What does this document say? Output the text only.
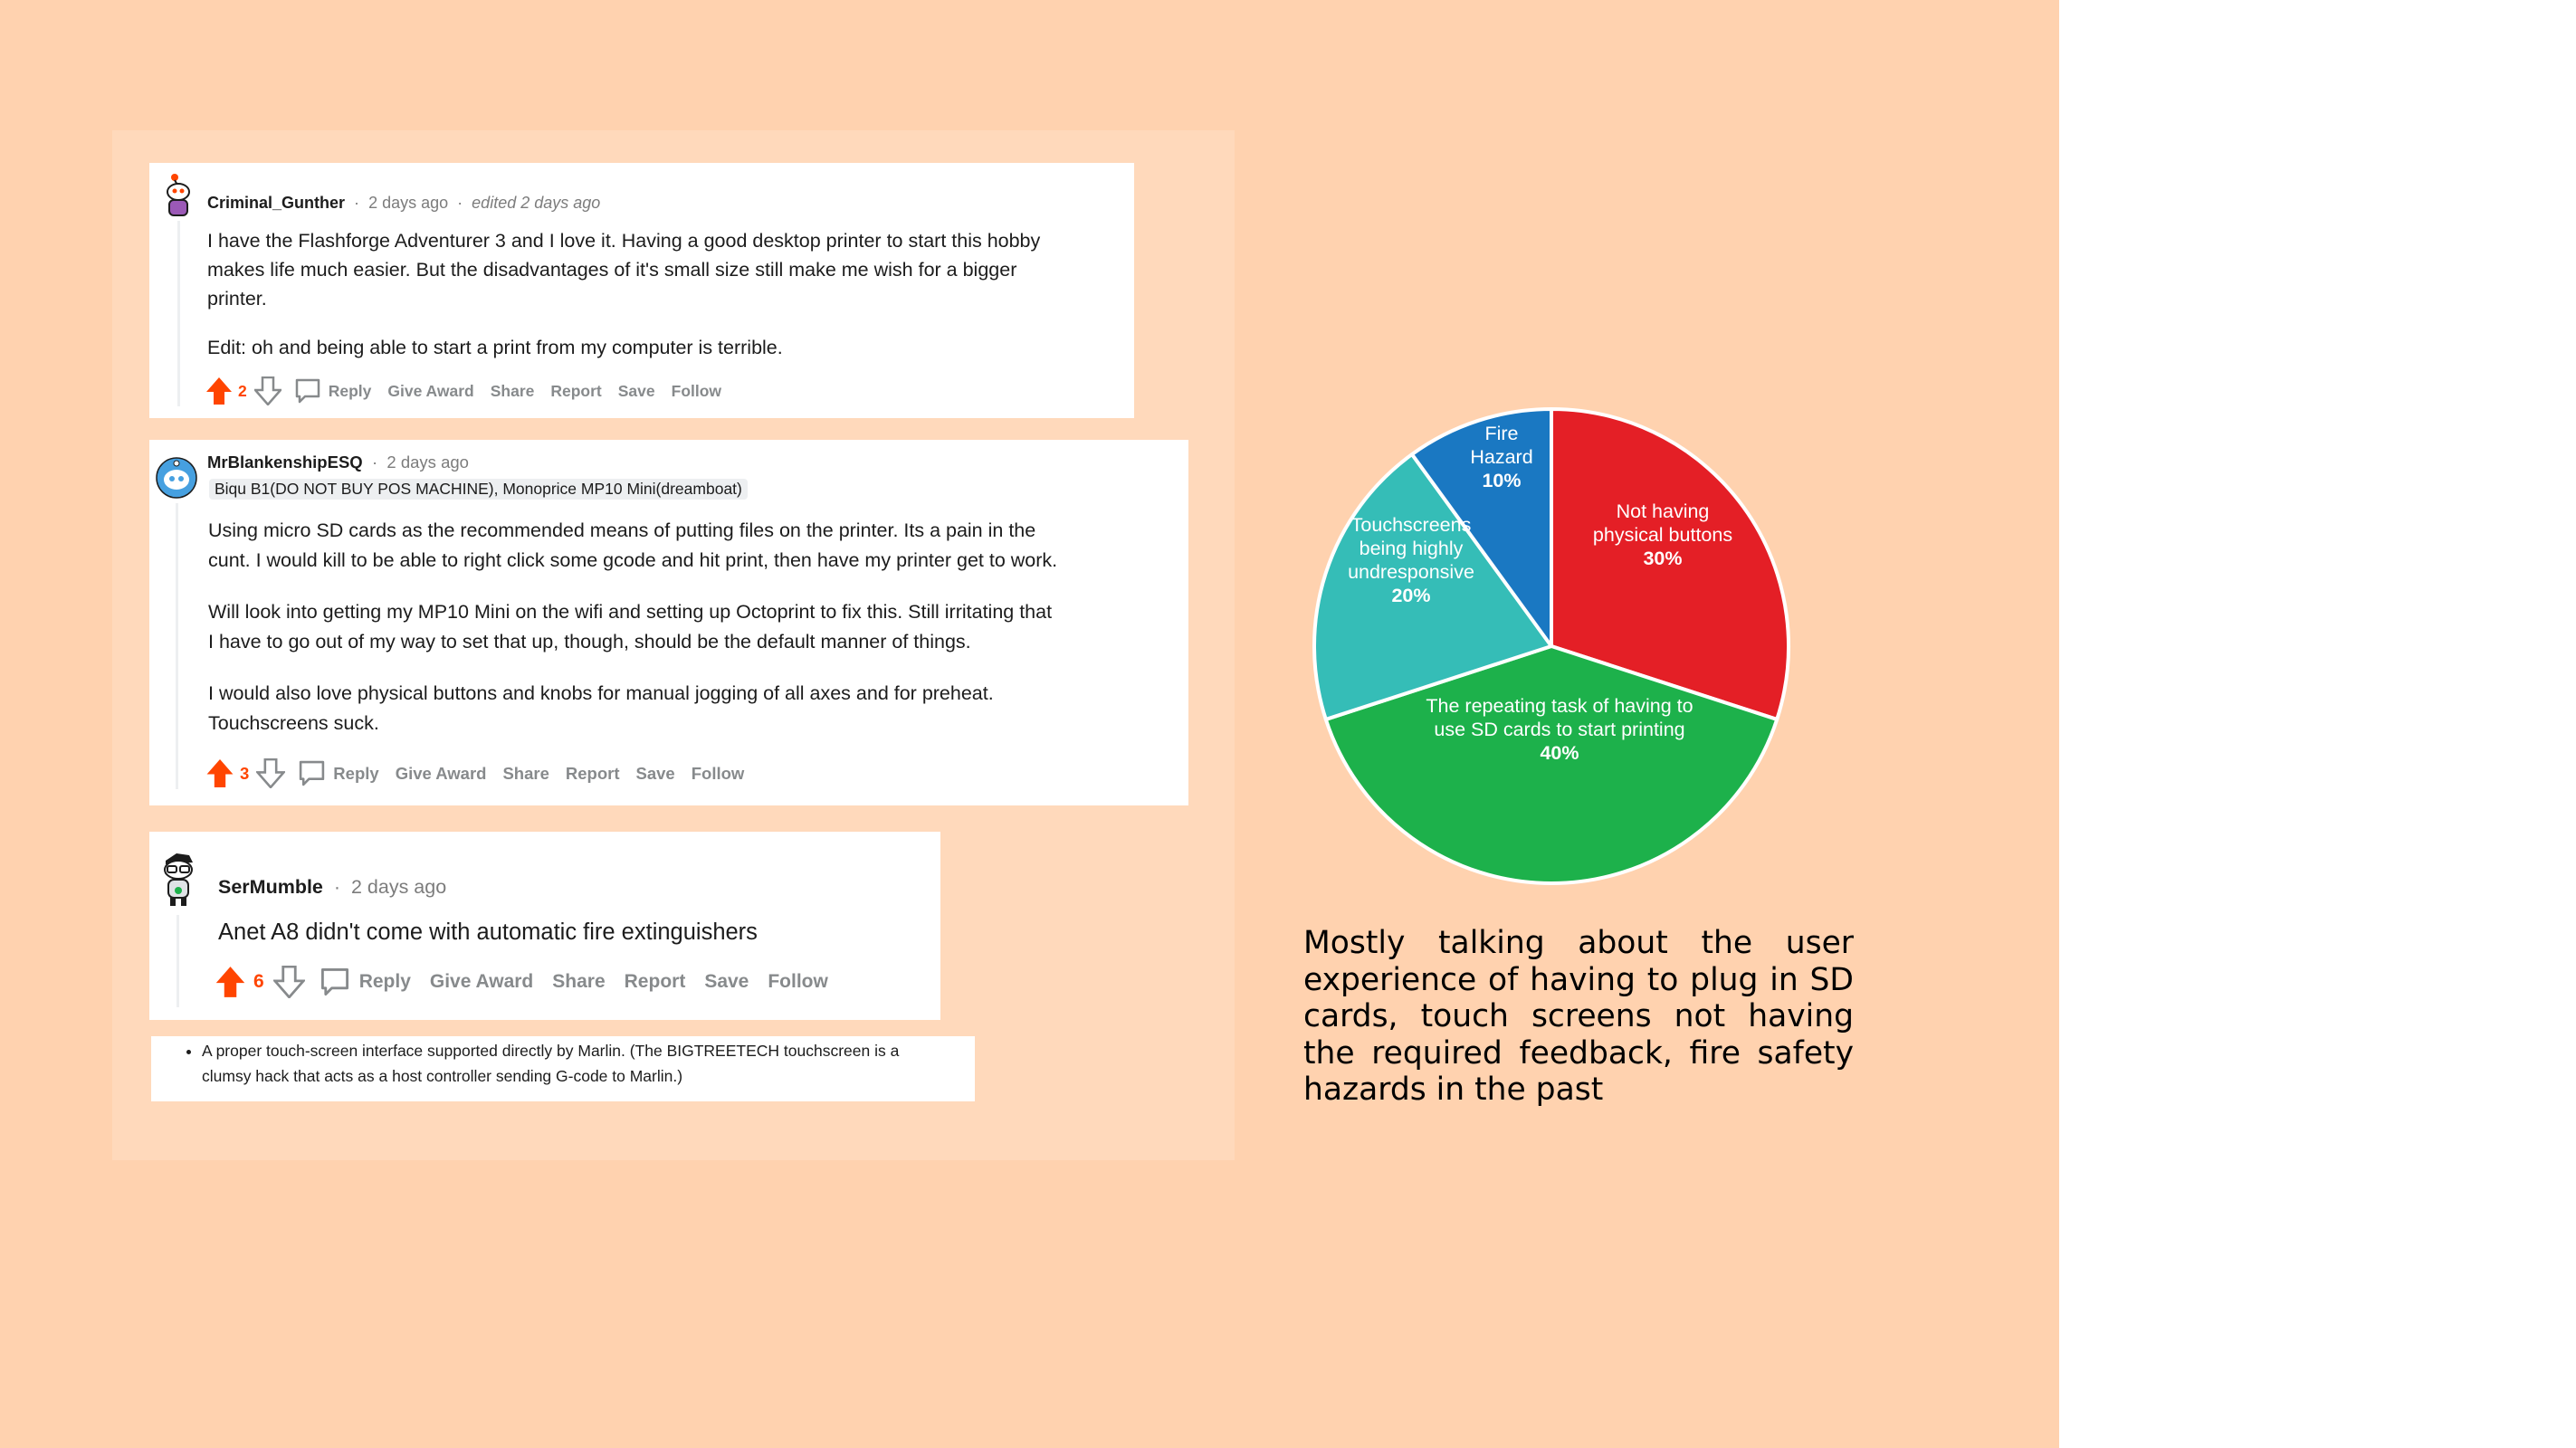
Criminal_Gunther  ·  2 days ago  ·  edited 2 days ago

I have the Flashforge Adventurer 3 and I love it. Having a good desktop printer to start this hobby
makes life much easier. But the disadvantages of it's small size still make me wish for a bigger
printer.

Edit: oh and being able to start a print from my computer is terrible.

2	Reply Give Award Share Report Save Follow
MrBlankenshipESQ  ·  2 days ago
Biqu B1(DO NOT BUY POS MACHINE), Monoprice MP10 Mini(dreamboat)

Using micro SD cards as the recommended means of putting files on the printer. Its a pain in the
cunt. I would kill to be able to right click some gcode and hit print, then have my printer get to work.

Will look into getting my MP10 Mini on the wifi and setting up Octoprint to fix this. Still irritating that
I have to go out of my way to set that up, though, should be the default manner of things.

I would also love physical buttons and knobs for manual jogging of all axes and for preheat.
Touchscreens suck.

3	Reply Give Award Share Report Save Follow
SerMumble  ·  2 days ago

Anet A8 didn't come with automatic fire extinguishers

6	Reply Give Award Share Report Save Follow
• A proper touch-screen interface supported directly by Marlin. (The BIGTREETECH touchscreen is a clumsy hack that acts as a host controller sending G-code to Marlin.)
Not having physical buttons 30%
The repeating task of having to use SD cards to start printing 40%
Touchscreens being highly undresponsive 20%
Fire Hazard 10%
Mostly talking about the user experience of having to plug in SD cards, touch screens not having the required feedback, fire safety hazards in the past
